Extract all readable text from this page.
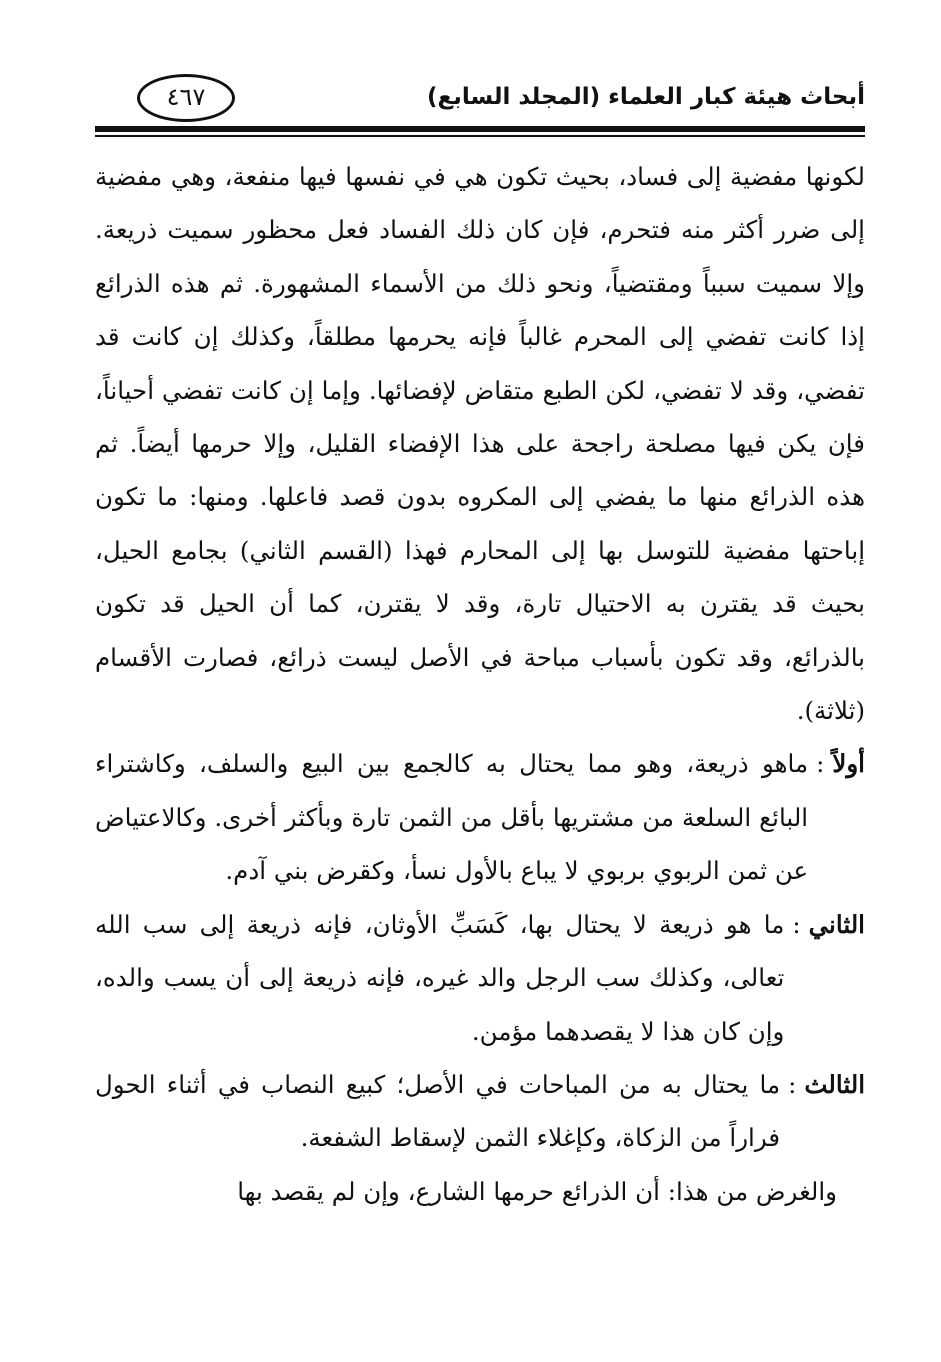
أبحاث هيئة كبار العلماء (المجلد السابع)
٤٦٧

لكونها مفضية إلى فساد، بحيث تكون هي في نفسها فيها منفعة، وهي مفضية إلى ضرر أكثر منه فتحرم، فإن كان ذلك الفساد فعل محظور سميت ذريعة. وإلا سميت سبباً ومقتضياً، ونحو ذلك من الأسماء المشهورة. ثم هذه الذرائع إذا كانت تفضي إلى المحرم غالباً فإنه يحرمها مطلقاً، وكذلك إن كانت قد تفضي، وقد لا تفضي، لكن الطبع متقاض لإفضائها. وإما إن كانت تفضي أحياناً، فإن يكن فيها مصلحة راجحة على هذا الإفضاء القليل، وإلا حرمها أيضاً. ثم هذه الذرائع منها ما يفضي إلى المكروه بدون قصد فاعلها. ومنها: ما تكون إباحتها مفضية للتوسل بها إلى المحارم فهذا (القسم الثاني) بجامع الحيل، بحيث قد يقترن به الاحتيال تارة، وقد لا يقترن، كما أن الحيل قد تكون بالذرائع، وقد تكون بأسباب مباحة في الأصل ليست ذرائع، فصارت الأقسام (ثلاثة).

أولاً
:
ماهو ذريعة، وهو مما يحتال به كالجمع بين البيع والسلف، وكاشتراء البائع السلعة من مشتريها بأقل من الثمن تارة وبأكثر أخرى. وكالاعتياض عن ثمن الربوي بربوي لا يباع بالأول نسأ، وكقرض بني آدم.
الثاني
:
ما هو ذريعة لا يحتال بها، كَسَبِّ الأوثان، فإنه ذريعة إلى سب الله تعالى، وكذلك سب الرجل والد غيره، فإنه ذريعة إلى أن يسب والده، وإن كان هذا لا يقصدهما مؤمن.
الثالث
:
ما يحتال به من المباحات في الأصل؛ كبيع النصاب في أثناء الحول فراراً من الزكاة، وكإغلاء الثمن لإسقاط الشفعة.

والغرض من هذا: أن الذرائع حرمها الشارع، وإن لم يقصد بها
